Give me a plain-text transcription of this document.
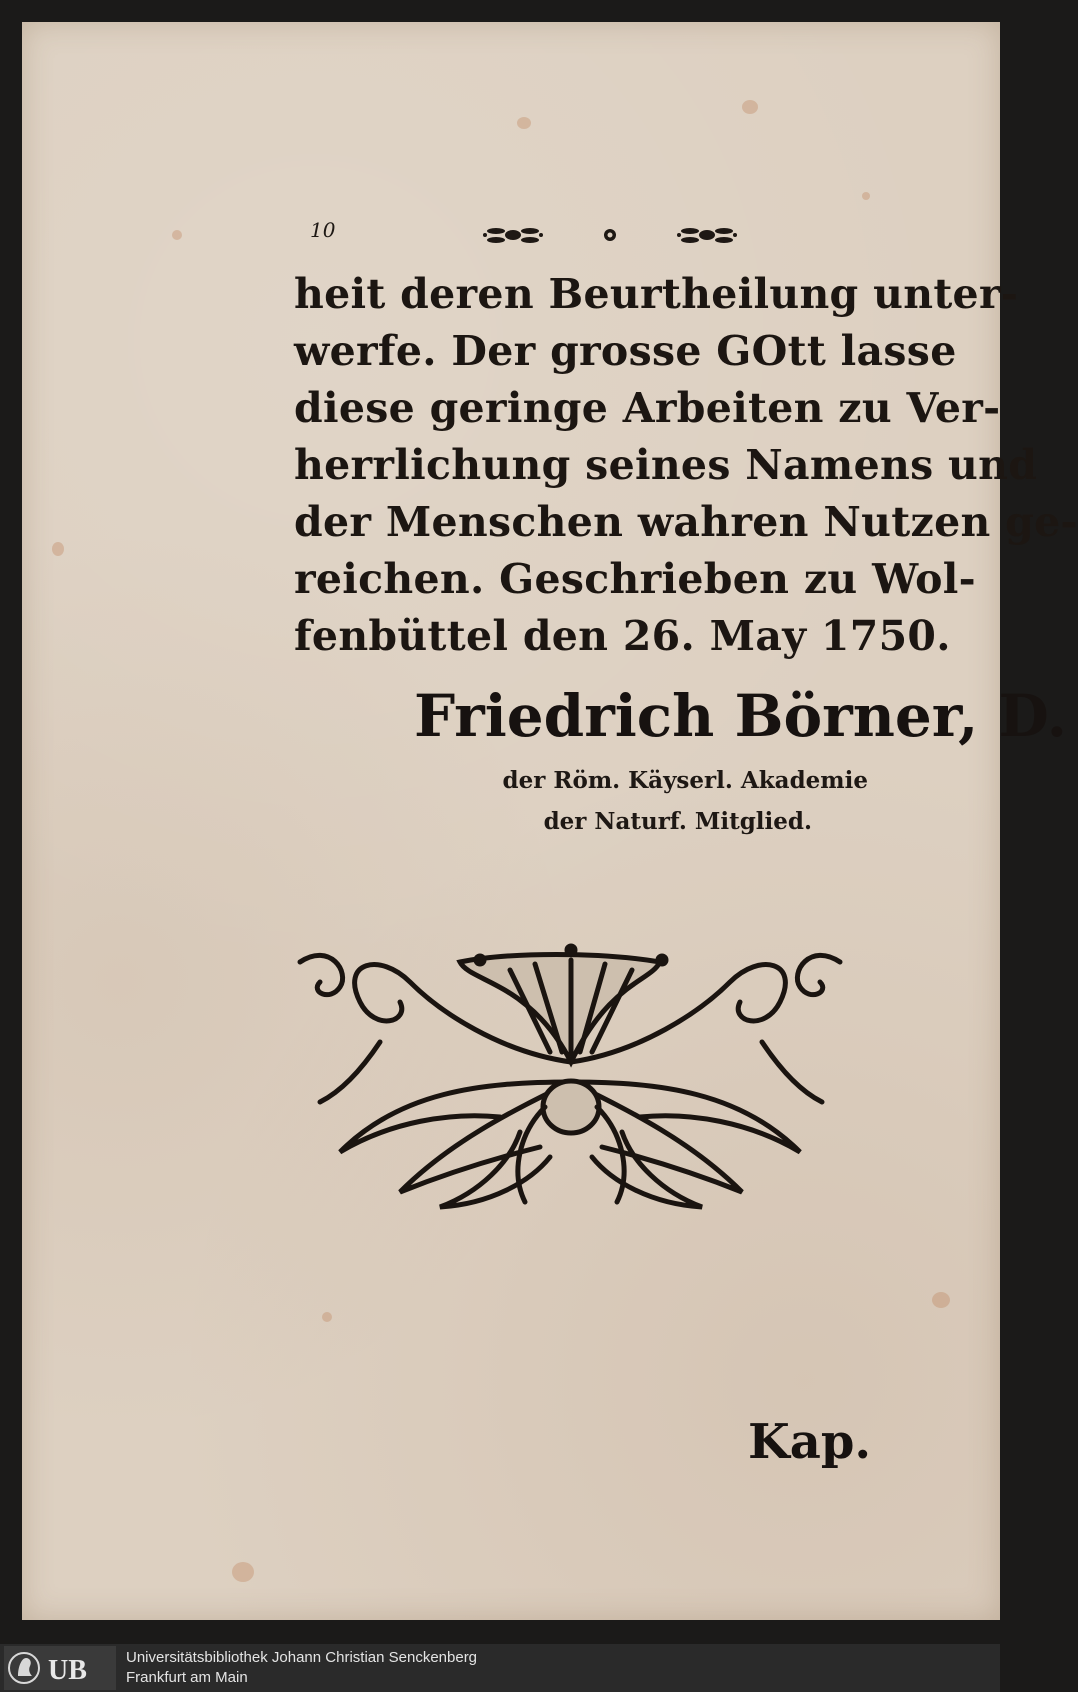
10
heit deren Beurtheilung unter-
werfe. Der grosse GOtt lasse
diese geringe Arbeiten zu Ver-
herrlichung seines Namens und
der Menschen wahren Nutzen ge-
reichen. Geschrieben zu Wol-
fenbüttel den 26. May 1750.
Friedrich Börner, D.
der Röm. Käyserl. Akademie
der Naturf. Mitglied.
Kap.
UB	Universitätsbibliothek Johann Christian Senckenberg
Frankfurt am Main
